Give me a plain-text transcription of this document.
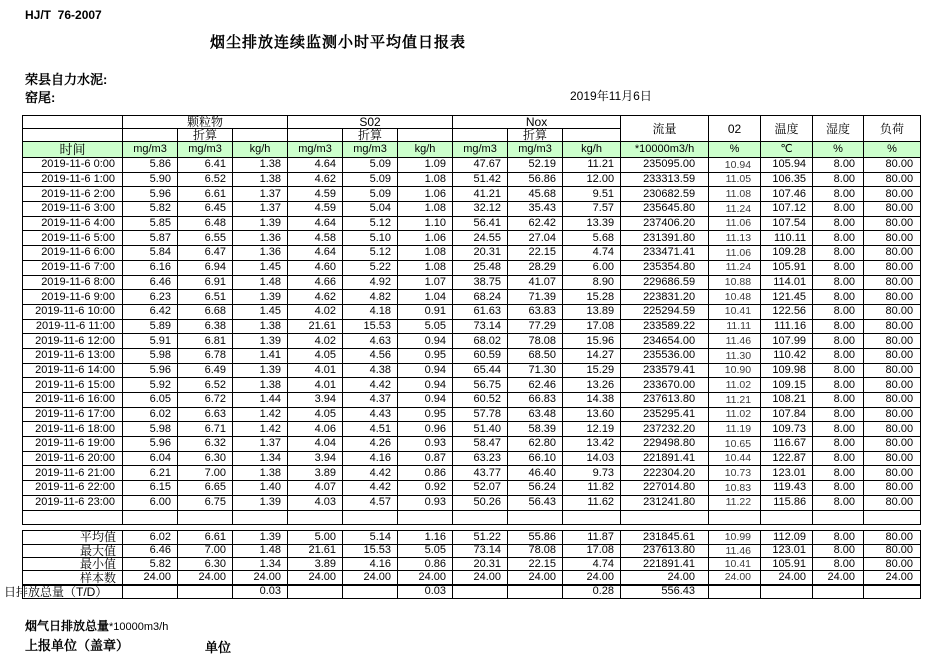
HJ/T  76-2007
烟尘排放连续监测小时平均值日报表
荣县自力水泥:
窑尾:	2019年11月6日
	颗粒物			S02			Nox			流量	02	温度	湿度	负荷
		折算			折算			折算						
时间	mg/m3	mg/m3	kg/h	mg/m3	mg/m3	kg/h	mg/m3	mg/m3	kg/h	*10000m3/h	%	℃	%	%
2019-11-6 0:00	5.86	6.41	1.38	4.64	5.09	1.09	47.67	52.19	11.21	235095.00	10.94	105.94	8.00	80.00
2019-11-6 1:00	5.90	6.52	1.38	4.62	5.09	1.08	51.42	56.86	12.00	233313.59	11.05	106.35	8.00	80.00
2019-11-6 2:00	5.96	6.61	1.37	4.59	5.09	1.06	41.21	45.68	9.51	230682.59	11.08	107.46	8.00	80.00
2019-11-6 3:00	5.82	6.45	1.37	4.59	5.04	1.08	32.12	35.43	7.57	235645.80	11.24	107.12	8.00	80.00
2019-11-6 4:00	5.85	6.48	1.39	4.64	5.12	1.10	56.41	62.42	13.39	237406.20	11.06	107.54	8.00	80.00
2019-11-6 5:00	5.87	6.55	1.36	4.58	5.10	1.06	24.55	27.04	5.68	231391.80	11.13	110.11	8.00	80.00
2019-11-6 6:00	5.84	6.47	1.36	4.64	5.12	1.08	20.31	22.15	4.74	233471.41	11.06	109.28	8.00	80.00
2019-11-6 7:00	6.16	6.94	1.45	4.60	5.22	1.08	25.48	28.29	6.00	235354.80	11.24	105.91	8.00	80.00
2019-11-6 8:00	6.46	6.91	1.48	4.66	4.92	1.07	38.75	41.07	8.90	229686.59	10.88	114.01	8.00	80.00
2019-11-6 9:00	6.23	6.51	1.39	4.62	4.82	1.04	68.24	71.39	15.28	223831.20	10.48	121.45	8.00	80.00
2019-11-6 10:00	6.42	6.68	1.45	4.02	4.18	0.91	61.63	63.83	13.89	225294.59	10.41	122.56	8.00	80.00
2019-11-6 11:00	5.89	6.38	1.38	21.61	15.53	5.05	73.14	77.29	17.08	233589.22	11.11	111.16	8.00	80.00
2019-11-6 12:00	5.91	6.81	1.39	4.02	4.63	0.94	68.02	78.08	15.96	234654.00	11.46	107.99	8.00	80.00
2019-11-6 13:00	5.98	6.78	1.41	4.05	4.56	0.95	60.59	68.50	14.27	235536.00	11.30	110.42	8.00	80.00
2019-11-6 14:00	5.96	6.49	1.39	4.01	4.38	0.94	65.44	71.30	15.29	233579.41	10.90	109.98	8.00	80.00
2019-11-6 15:00	5.92	6.52	1.38	4.01	4.42	0.94	56.75	62.46	13.26	233670.00	11.02	109.15	8.00	80.00
2019-11-6 16:00	6.05	6.72	1.44	3.94	4.37	0.94	60.52	66.83	14.38	237613.80	11.21	108.21	8.00	80.00
2019-11-6 17:00	6.02	6.63	1.42	4.05	4.43	0.95	57.78	63.48	13.60	235295.41	11.02	107.84	8.00	80.00
2019-11-6 18:00	5.98	6.71	1.42	4.06	4.51	0.96	51.40	58.39	12.19	237232.20	11.19	109.73	8.00	80.00
2019-11-6 19:00	5.96	6.32	1.37	4.04	4.26	0.93	58.47	62.80	13.42	229498.80	10.65	116.67	8.00	80.00
2019-11-6 20:00	6.04	6.30	1.34	3.94	4.16	0.87	63.23	66.10	14.03	221891.41	10.44	122.87	8.00	80.00
2019-11-6 21:00	6.21	7.00	1.38	3.89	4.42	0.86	43.77	46.40	9.73	222304.20	10.73	123.01	8.00	80.00
2019-11-6 22:00	6.15	6.65	1.40	4.07	4.42	0.92	52.07	56.24	11.82	227014.80	10.83	119.43	8.00	80.00
2019-11-6 23:00	6.00	6.75	1.39	4.03	4.57	0.93	50.26	56.43	11.62	231241.80	11.22	115.86	8.00	80.00

平均值	6.02	6.61	1.39	5.00	5.14	1.16	51.22	55.86	11.87	231845.61	10.99	112.09	8.00	80.00
最大值	6.46	7.00	1.48	21.61	15.53	5.05	73.14	78.08	17.08	237613.80	11.46	123.01	8.00	80.00
最小值	5.82	6.30	1.34	3.89	4.16	0.86	20.31	22.15	4.74	221891.41	10.41	105.91	8.00	80.00
样本数	24.00	24.00	24.00	24.00	24.00	24.00	24.00	24.00	24.00	24.00	24.00	24.00	24.00	24.00
日排放总量（T/D）			0.03			0.03			0.28	556.43				
烟气日排放总量*10000m3/h
上报单位（盖章）	单位
